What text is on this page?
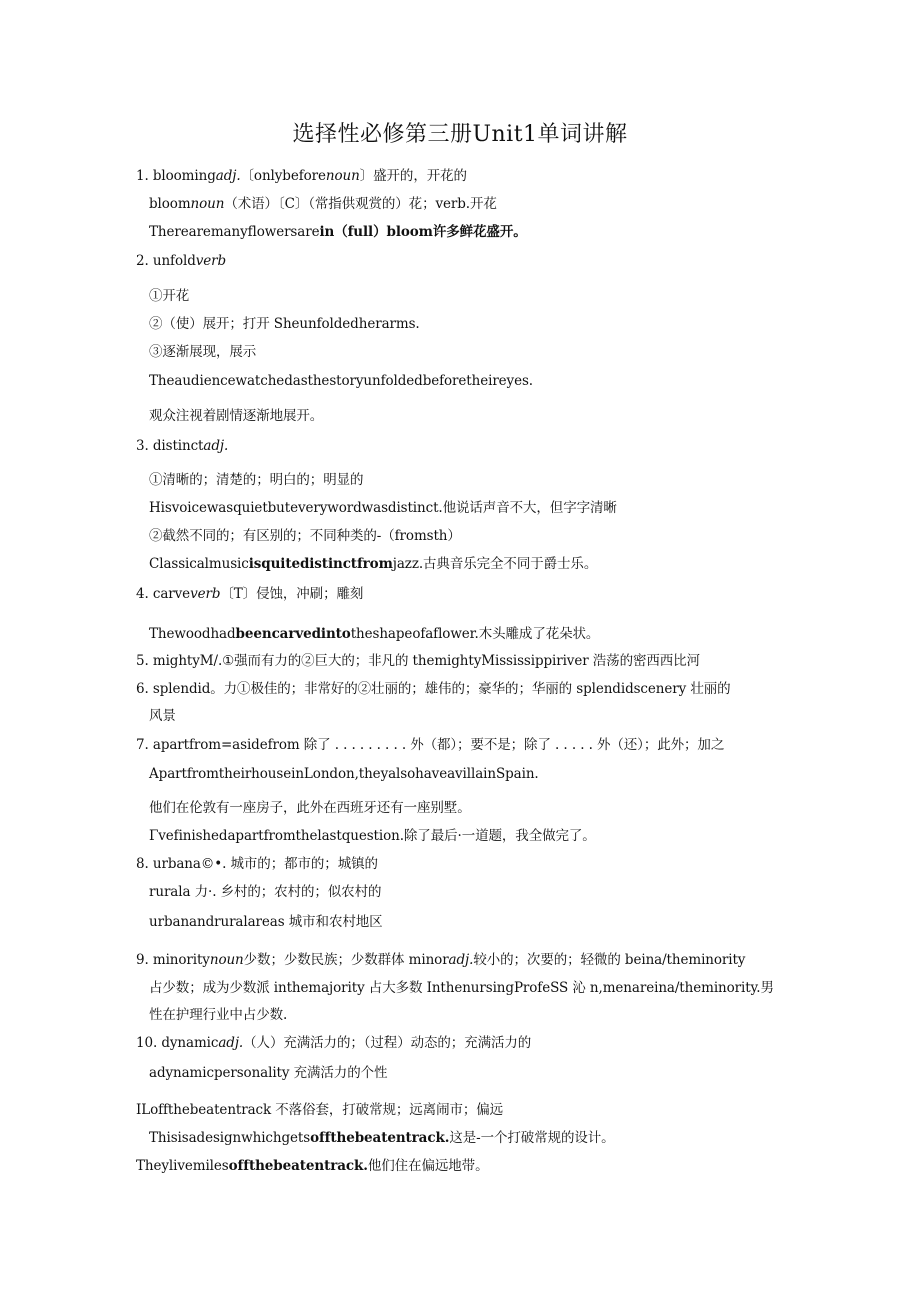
选择性必修第三册Unit1单词讲解
1. bloomingadj.〔onlybeforenoun〕盛开的，开花的
bloomnoun（术语）〔C〕（常指供观赏的）花；verb.开花
Therearemanyflowersarein（full）bloom许多鲜花盛开。
2. unfoldverb
①开花
②（使）展开；打开 Sheunfoldedherarms.
③逐渐展现，展示
Theaudiencewatchedasthestoryunfoldedbeforetheireyes.
观众注视着剧情逐渐地展开。
3. distinctadj.
①清晰的；清楚的；明白的；明显的
Hisvoicewasquietbuteverywordwasdistinct.他说话声音不大，但字字清晰
②截然不同的；有区别的；不同种类的-（fromsth）
Classicalmusicisquitedistinctfromjazz.古典音乐完全不同于爵士乐。
4. carveverb〔T〕侵蚀，冲刷；雕刻
Thewoodhadbeencarvedintotheshapeofaflower.木头雕成了花朵状。
5. mightyM/.①强而有力的②巨大的；非凡的 themightyMississippiriver 浩荡的密西西比河
6. splendid。力①极佳的；非常好的②壮丽的；雄伟的；豪华的；华丽的 splendidscenery 壮丽的
风景
7. apartfrom=asidefrom 除了 . . . . . . . . . 外（都）；要不是；除了 . . . . . 外（还）；此外；加之
ApartfromtheirhouseinLondon,theyalsohaveavillainSpain.
他们在伦敦有一座房子，此外在西班牙还有一座别墅。
Γvefinishedapartfromthelastquestion.除了最后·一道题，我全做完了。
8. urbana©•. 城市的；都市的；城镇的
rurala 力·. 乡村的；农村的；似农村的
urbanandruralareas 城市和农村地区
9. minoritynoun少数；少数民族；少数群体 minoradj.较小的；次要的；轻微的 beina/theminority
占少数；成为少数派 inthemajority 占大多数 InthenursingProfeSS 沁 n,menareina/theminority.男
性在护理行业中占少数.
10. dynamicadj.（人）充满活力的；（过程）动态的；充满活力的
adynamicpersonality 充满活力的个性
ILoffthebeatentrack 不落俗套，打破常规；远离闹市；偏远
Thisisadesignwhichgetsoffthebeatentrack.这是-一个打破常规的设计。
Theylivemilesoffthebeatentrack.他们住在偏远地带。
